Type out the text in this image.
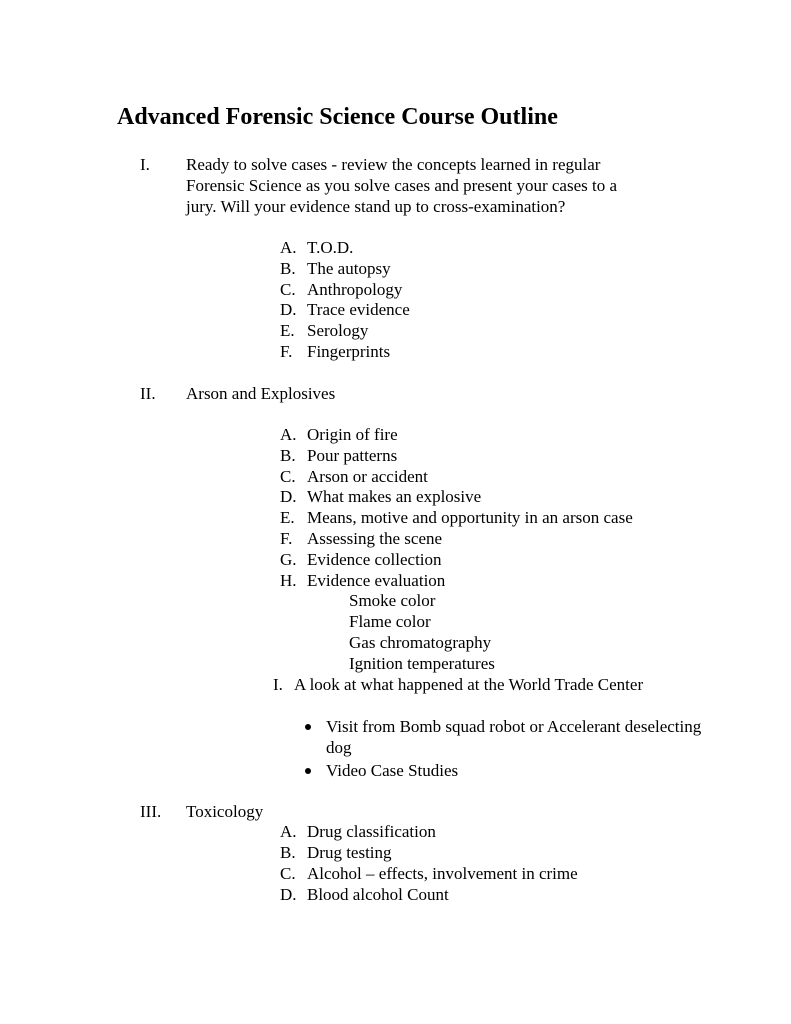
Advanced Forensic Science Course Outline
I. Ready to solve cases - review the concepts learned in regular
Forensic Science as you solve cases and present your cases to a
jury. Will your evidence stand up to cross-examination?
A. T.O.D.
B. The autopsy
C. Anthropology
D. Trace evidence
E. Serology
F. Fingerprints
II. Arson and Explosives
A. Origin of fire
B. Pour patterns
C. Arson or accident
D. What makes an explosive
E. Means, motive and opportunity in an arson case
F. Assessing the scene
G. Evidence collection
H. Evidence evaluation
Smoke color
Flame color
Gas chromatography
Ignition temperatures
I. A look at what happened at the World Trade Center
Visit from Bomb squad robot or Accelerant deselecting
dog
Video Case Studies
III. Toxicology
A. Drug classification
B. Drug testing
C. Alcohol – effects, involvement in crime
D. Blood alcohol Count
